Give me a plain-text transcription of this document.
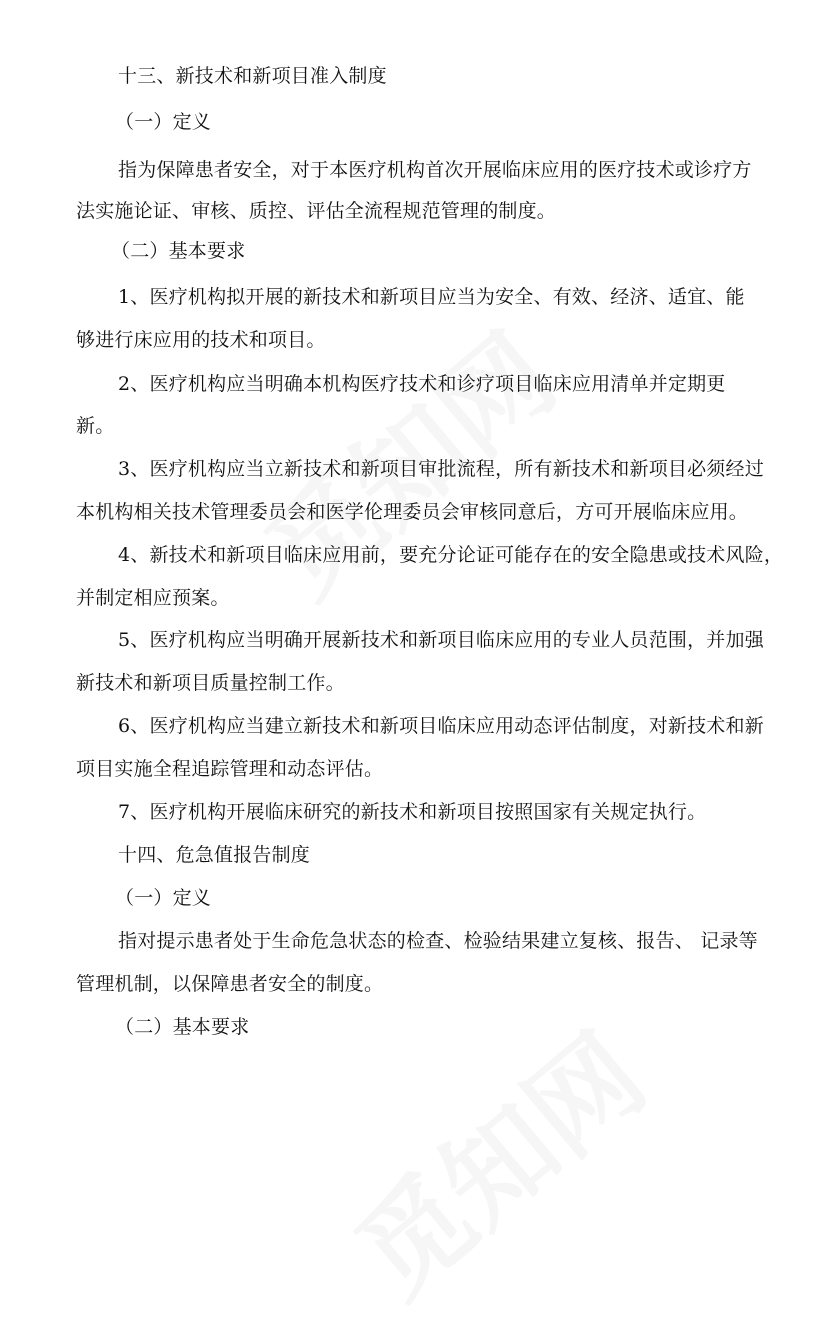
十三、新技术和新项目准入制度
（一）定义
指为保障患者安全，对于本医疗机构首次开展临床应用的医疗技术或诊疗方
法实施论证、审核、质控、评估全流程规范管理的制度。
（二）基本要求
1、医疗机构拟开展的新技术和新项目应当为安全、有效、经济、适宜、能
够进行床应用的技术和项目。
2、医疗机构应当明确本机构医疗技术和诊疗项目临床应用清单并定期更
新。
3、医疗机构应当立新技术和新项目审批流程，所有新技术和新项目必须经过
本机构相关技术管理委员会和医学伦理委员会审核同意后，方可开展临床应用。
4、新技术和新项目临床应用前，要充分论证可能存在的安全隐患或技术风险，
并制定相应预案。
5、医疗机构应当明确开展新技术和新项目临床应用的专业人员范围，并加强
新技术和新项目质量控制工作。
6、医疗机构应当建立新技术和新项目临床应用动态评估制度，对新技术和新
项目实施全程追踪管理和动态评估。
7、医疗机构开展临床研究的新技术和新项目按照国家有关规定执行。
十四、危急值报告制度
（一）定义
指对提示患者处于生命危急状态的检查、检验结果建立复核、报告、 记录等
管理机制，以保障患者安全的制度。
（二）基本要求
